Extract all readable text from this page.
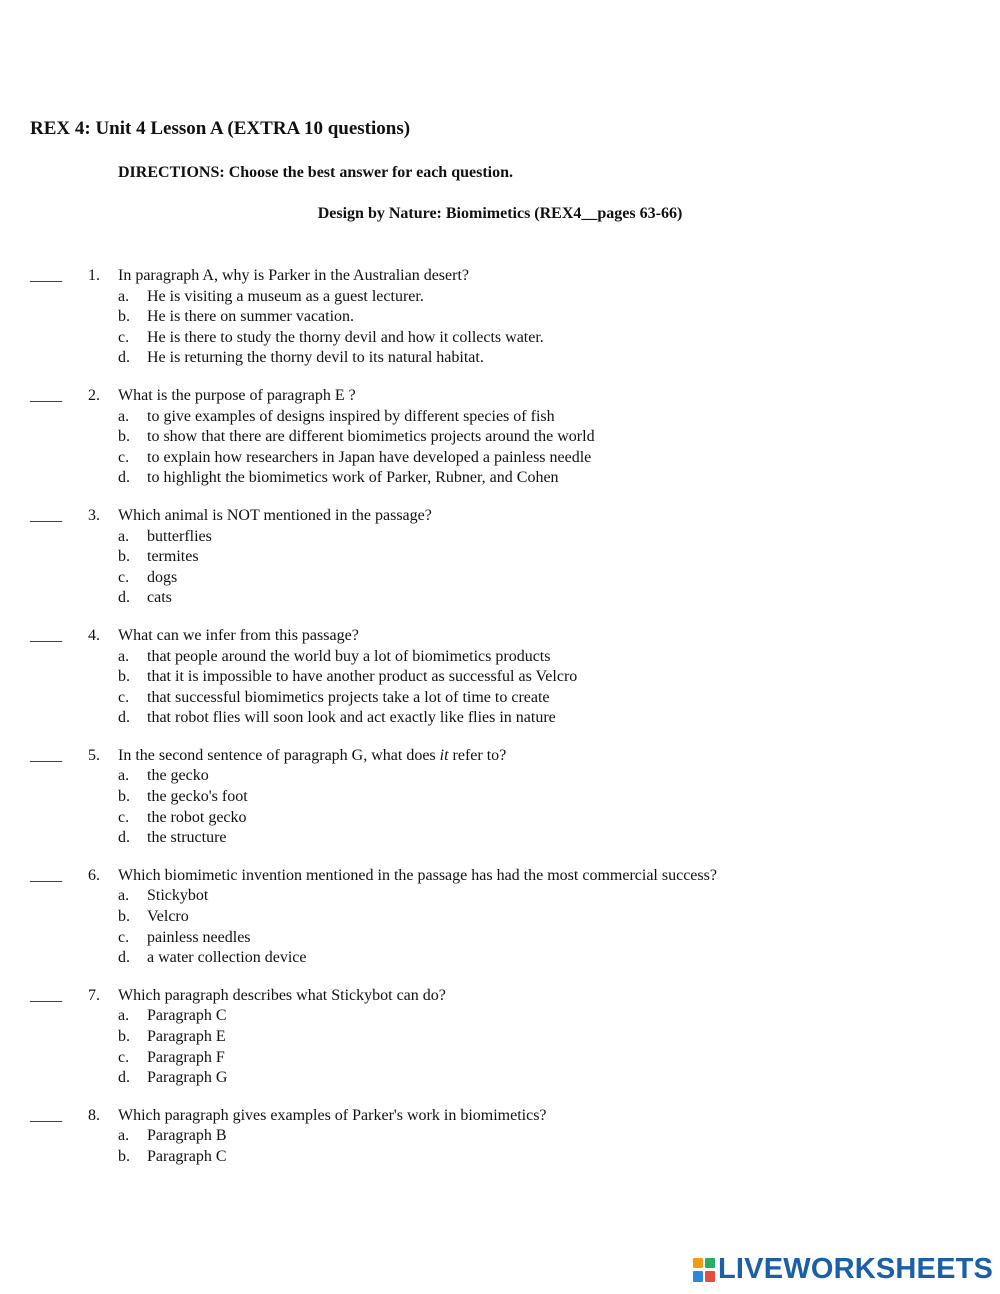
REX 4: Unit 4 Lesson A (EXTRA 10 questions)
DIRECTIONS: Choose the best answer for each question.
Design by Nature: Biomimetics (REX4__pages 63-66)
____ 1. In paragraph A, why is Parker in the Australian desert?
a. He is visiting a museum as a guest lecturer.
b. He is there on summer vacation.
c. He is there to study the thorny devil and how it collects water.
d. He is returning the thorny devil to its natural habitat.
____ 2. What is the purpose of paragraph E ?
a. to give examples of designs inspired by different species of fish
b. to show that there are different biomimetics projects around the world
c. to explain how researchers in Japan have developed a painless needle
d. to highlight the biomimetics work of Parker, Rubner, and Cohen
____ 3. Which animal is NOT mentioned in the passage?
a. butterflies
b. termites
c. dogs
d. cats
____ 4. What can we infer from this passage?
a. that people around the world buy a lot of biomimetics products
b. that it is impossible to have another product as successful as Velcro
c. that successful biomimetics projects take a lot of time to create
d. that robot flies will soon look and act exactly like flies in nature
____ 5. In the second sentence of paragraph G, what does it refer to?
a. the gecko
b. the gecko's foot
c. the robot gecko
d. the structure
____ 6. Which biomimetic invention mentioned in the passage has had the most commercial success?
a. Stickybot
b. Velcro
c. painless needles
d. a water collection device
____ 7. Which paragraph describes what Stickybot can do?
a. Paragraph C
b. Paragraph E
c. Paragraph F
d. Paragraph G
____ 8. Which paragraph gives examples of Parker's work in biomimetics?
a. Paragraph B
b. Paragraph C
LIVEWORKSHEETS
